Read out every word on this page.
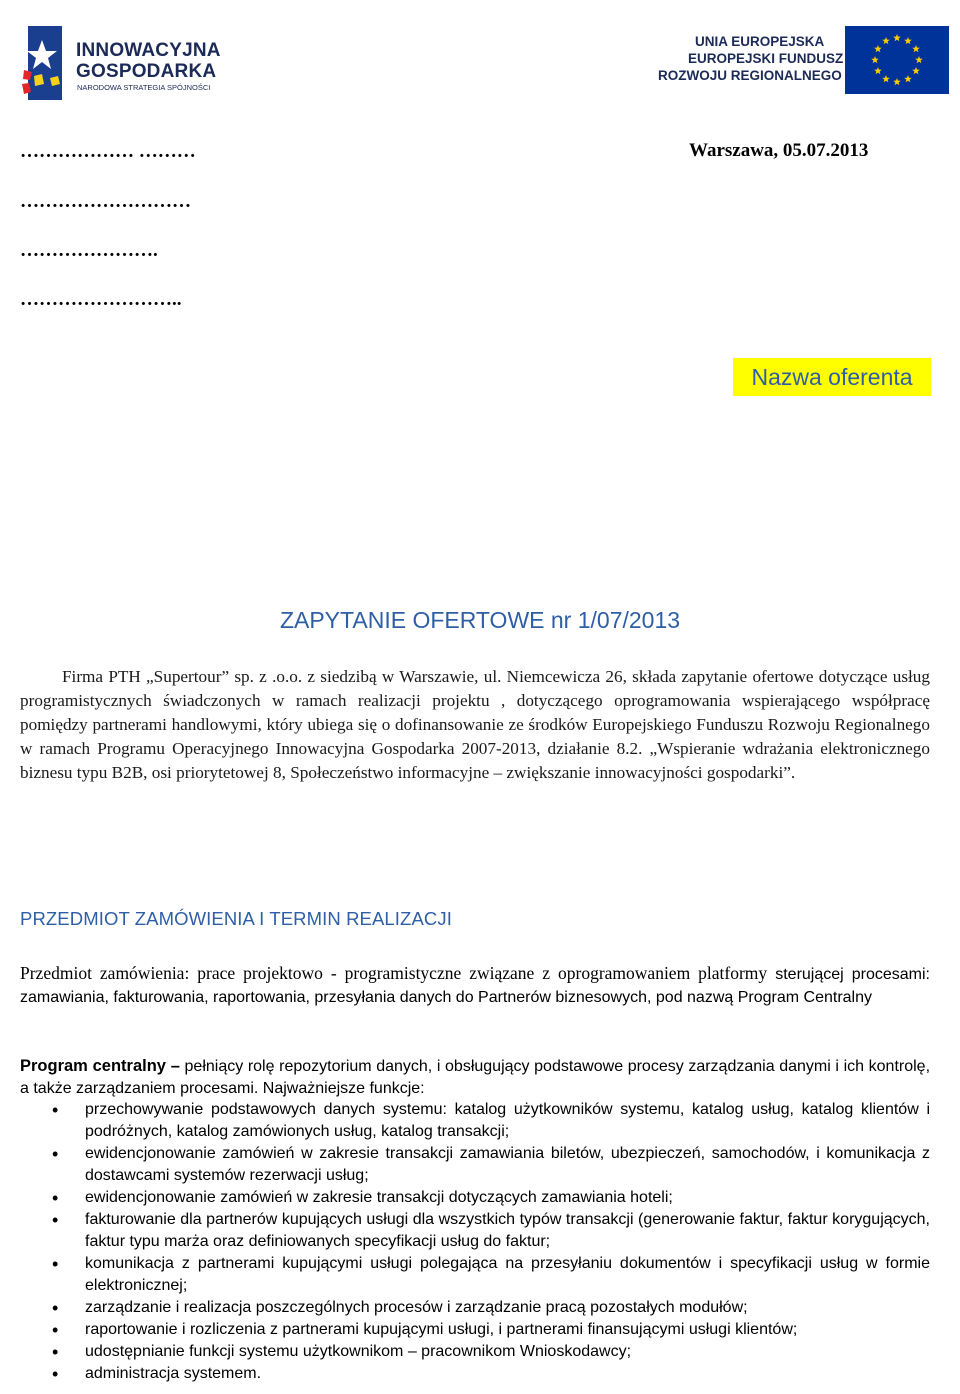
INNOWACYJNA
GOSPODARKA
NARODOWA STRATEGIA SPÓJNOŚCI
UNIA EUROPEJSKA
EUROPEJSKI FUNDUSZ
ROZWOJU REGIONALNEGO
……………… ………
………………………
………………….
……………………..
Warszawa, 05.07.2013
Nazwa oferenta
ZAPYTANIE OFERTOWE nr 1/07/2013
Firma PTH „Supertour” sp. z .o.o. z siedzibą w Warszawie, ul. Niemcewicza 26, składa zapytanie ofertowe dotyczące usług programistycznych świadczonych w ramach realizacji projektu , dotyczącego oprogramowania wspierającego współpracę pomiędzy partnerami handlowymi, który ubiega się o dofinansowanie ze środków Europejskiego Funduszu Rozwoju Regionalnego w ramach Programu Operacyjnego Innowacyjna Gospodarka 2007-2013, działanie 8.2. „Wspieranie wdrażania elektronicznego biznesu typu B2B, osi priorytetowej 8, Społeczeństwo informacyjne – zwiększanie innowacyjności gospodarki”.
PRZEDMIOT ZAMÓWIENIA I TERMIN REALIZACJI
Przedmiot zamówienia: prace projektowo - programistyczne związane z oprogramowaniem platformy sterującej procesami: zamawiania, fakturowania, raportowania, przesyłania danych do Partnerów biznesowych, pod nazwą Program Centralny
Program centralny – pełniący rolę repozytorium danych, i obsługujący podstawowe procesy zarządzania danymi i ich kontrolę, a także zarządzaniem procesami. Najważniejsze funkcje:
• przechowywanie podstawowych danych systemu: katalog użytkowników systemu, katalog usług, katalog klientów i podróżnych, katalog zamówionych usług, katalog transakcji;
• ewidencjonowanie zamówień w zakresie transakcji zamawiania biletów, ubezpieczeń, samochodów, i komunikacja z dostawcami systemów rezerwacji usług;
• ewidencjonowanie zamówień w zakresie transakcji dotyczących zamawiania hoteli;
• fakturowanie dla partnerów kupujących usługi dla wszystkich typów transakcji (generowanie faktur, faktur korygujących, faktur typu marża oraz definiowanych specyfikacji usług do faktur;
• komunikacja z partnerami kupującymi usługi polegająca na przesyłaniu dokumentów i specyfikacji usług w formie elektronicznej;
• zarządzanie i realizacja poszczególnych procesów i zarządzanie pracą pozostałych modułów;
• raportowanie i rozliczenia z partnerami kupującymi usługi, i partnerami finansującymi usługi klientów;
• udostępnianie funkcji systemu użytkownikom – pracownikom Wnioskodawcy;
• administracja systemem.
